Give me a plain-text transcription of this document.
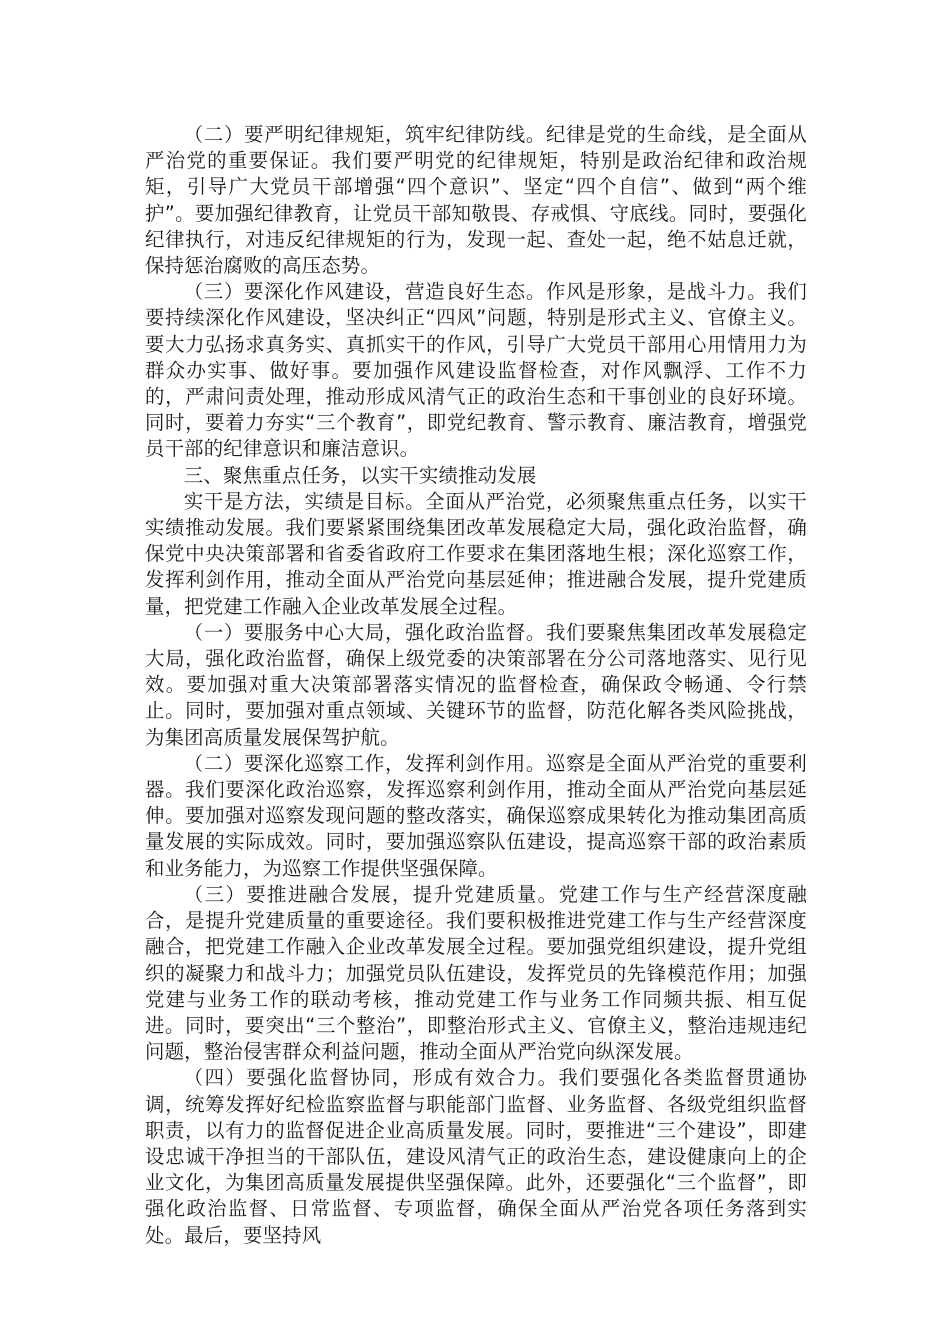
（二）要严明纪律规矩，筑牢纪律防线。纪律是党的生命线，是全面从严治党的重要保证。我们要严明党的纪律规矩，特别是政治纪律和政治规矩，引导广大党员干部增强“四个意识”、坚定“四个自信”、做到“两个维护”。要加强纪律教育，让党员干部知敬畏、存戒惧、守底线。同时，要强化纪律执行，对违反纪律规矩的行为，发现一起、查处一起，绝不姑息迁就，保持惩治腐败的高压态势。

（三）要深化作风建设，营造良好生态。作风是形象，是战斗力。我们要持续深化作风建设，坚决纠正“四风”问题，特别是形式主义、官僚主义。要大力弘扬求真务实、真抓实干的作风，引导广大党员干部用心用情用力为群众办实事、做好事。要加强作风建设监督检查，对作风飘浮、工作不力的，严肃问责处理，推动形成风清气正的政治生态和干事创业的良好环境。同时，要着力夯实“三个教育”，即党纪教育、警示教育、廉洁教育，增强党员干部的纪律意识和廉洁意识。

三、聚焦重点任务，以实干实绩推动发展

实干是方法，实绩是目标。全面从严治党，必须聚焦重点任务，以实干实绩推动发展。我们要紧紧围绕集团改革发展稳定大局，强化政治监督，确保党中央决策部署和省委省政府工作要求在集团落地生根；深化巡察工作，发挥利剑作用，推动全面从严治党向基层延伸；推进融合发展，提升党建质量，把党建工作融入企业改革发展全过程。

（一）要服务中心大局，强化政治监督。我们要聚焦集团改革发展稳定大局，强化政治监督，确保上级党委的决策部署在分公司落地落实、见行见效。要加强对重大决策部署落实情况的监督检查，确保政令畅通、令行禁止。同时，要加强对重点领域、关键环节的监督，防范化解各类风险挑战，为集团高质量发展保驾护航。

（二）要深化巡察工作，发挥利剑作用。巡察是全面从严治党的重要利器。我们要深化政治巡察，发挥巡察利剑作用，推动全面从严治党向基层延伸。要加强对巡察发现问题的整改落实，确保巡察成果转化为推动集团高质量发展的实际成效。同时，要加强巡察队伍建设，提高巡察干部的政治素质和业务能力，为巡察工作提供坚强保障。

（三）要推进融合发展，提升党建质量。党建工作与生产经营深度融合，是提升党建质量的重要途径。我们要积极推进党建工作与生产经营深度融合，把党建工作融入企业改革发展全过程。要加强党组织建设，提升党组织的凝聚力和战斗力；加强党员队伍建设，发挥党员的先锋模范作用；加强党建与业务工作的联动考核，推动党建工作与业务工作同频共振、相互促进。同时，要突出“三个整治”，即整治形式主义、官僚主义，整治违规违纪问题，整治侵害群众利益问题，推动全面从严治党向纵深发展。

（四）要强化监督协同，形成有效合力。我们要强化各类监督贯通协调，统筹发挥好纪检监察监督与职能部门监督、业务监督、各级党组织监督职责，以有力的监督促进企业高质量发展。同时，要推进“三个建设”，即建设忠诚干净担当的干部队伍，建设风清气正的政治生态，建设健康向上的企业文化，为集团高质量发展提供坚强保障。此外，还要强化“三个监督”，即强化政治监督、日常监督、专项监督，确保全面从严治党各项任务落到实处。最后，要坚持风
